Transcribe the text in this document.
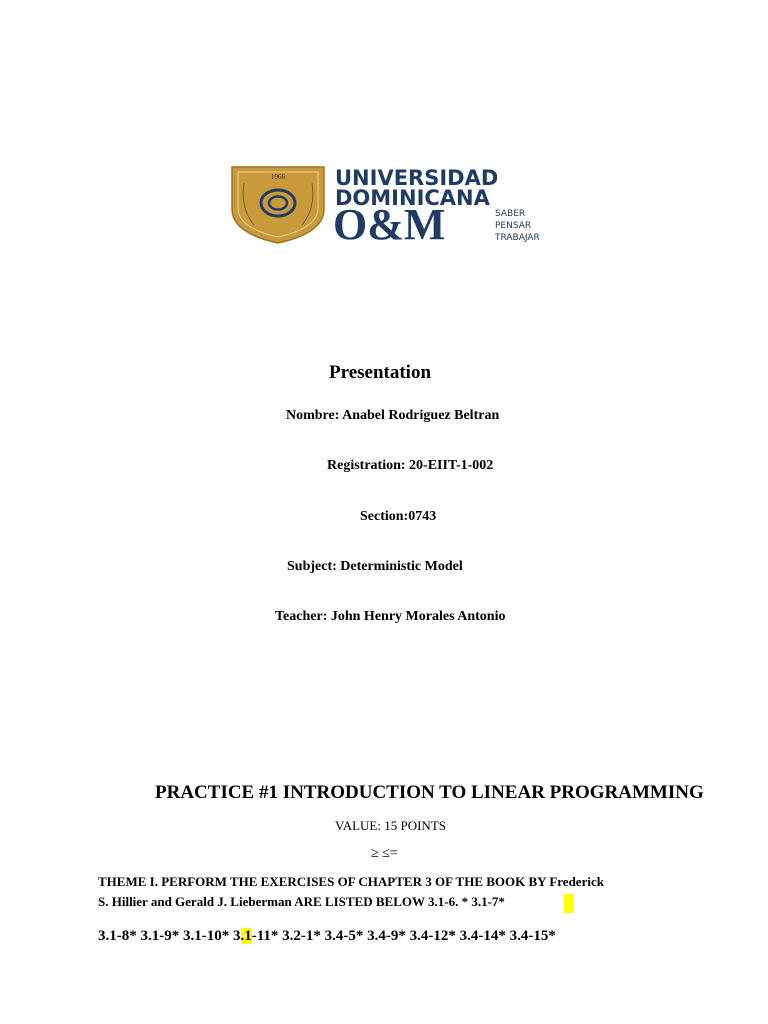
1966 UNIVERSIDAD
DOMINICANA
O&M	SABER
PENSAR
TRABAJAR
Presentation
Nombre: Anabel Rodriguez Beltran
Registration: 20-EIIT-1-002
Section:0743
Subject: Deterministic Model
Teacher: John Henry Morales Antonio
PRACTICE #1 INTRODUCTION TO LINEAR PROGRAMMING
VALUE: 15 POINTS
≥ ≤=
THEME I. PERFORM THE EXERCISES OF CHAPTER 3 OF THE BOOK BY Frederick
S. Hillier and Gerald J. Lieberman ARE LISTED BELOW 3.1-6. * 3.1-7*
3.1-8* 3.1-9* 3.1-10* 3.1-11* 3.2-1* 3.4-5* 3.4-9* 3.4-12* 3.4-14* 3.4-15*
